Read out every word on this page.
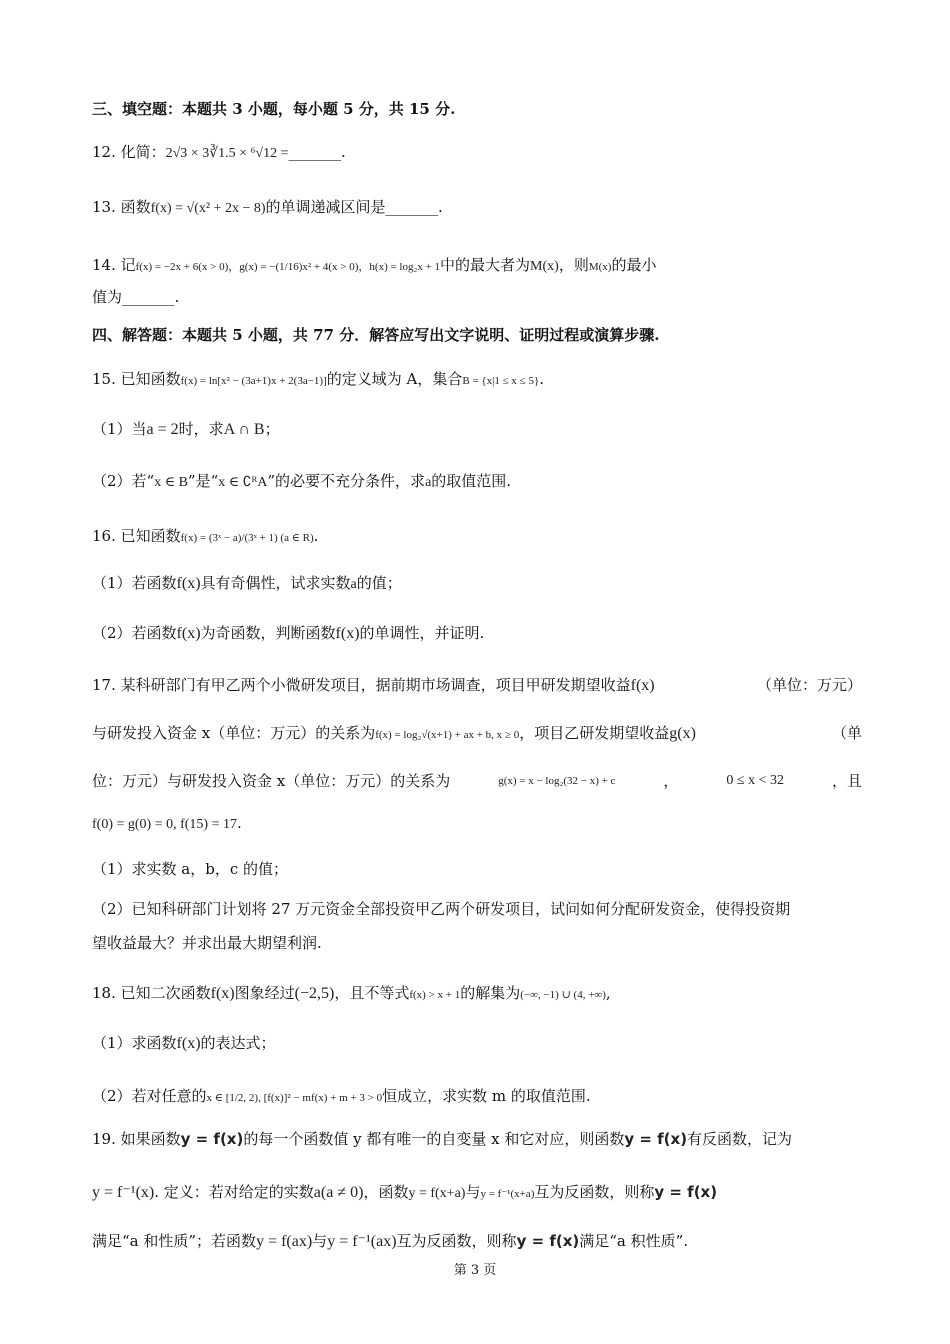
三、填空题：本题共 3 小题，每小题 5 分，共 15 分.
12. 化简：2√3 × 3∛1.5 × ⁶√12 =_______.
13. 函数f(x) = √(x² + 2x − 8)的单调递减区间是_______.
14. 记f(x) = −2x + 6(x > 0)，g(x) = −(1/16)x² + 4(x > 0)，h(x) = log₂x + 1中的最大者为M(x)，则M(x)的最小
值为_______.
四、解答题：本题共 5 小题，共 77 分．解答应写出文字说明、证明过程或演算步骤.
15. 已知函数f(x) = ln[x² − (3a+1)x + 2(3a−1)]的定义域为 A，集合B = {x|1 ≤ x ≤ 5}.
（1）当a = 2时，求A ∩ B；
（2）若“x ∈ B”是“x ∈ ∁ᴿA”的必要不充分条件，求a的取值范围.
16. 已知函数f(x) = (3ˣ − a)/(3ˣ + 1) (a ∈ R).
（1）若函数f(x)具有奇偶性，试求实数a的值；
（2）若函数f(x)为奇函数，判断函数f(x)的单调性，并证明.
17. 某科研部门有甲乙两个小微研发项目，据前期市场调查，项目甲研发期望收益f(x)	（单位：万元）
与研发投入资金 x（单位：万元）的关系为f(x) = log₂√(x+1) + ax + b, x ≥ 0，项目乙研发期望收益g(x)	（单
位：万元）与研发投入资金 x（单位：万元）的关系为	g(x) = x − log₂(32 − x) + c	，	0 ≤ x < 32	，且
f(0) = g(0) = 0, f(15) = 17.
（1）求实数 a，b，c 的值；
（2）已知科研部门计划将 27 万元资金全部投资甲乙两个研发项目，试问如何分配研发资金，使得投资期
望收益最大？并求出最大期望利润.
18. 已知二次函数f(x)图象经过(−2,5)，且不等式f(x) > x + 1的解集为(−∞, −1) ∪ (4, +∞),
（1）求函数f(x)的表达式；
（2）若对任意的x ∈ [1/2, 2), [f(x)]² − mf(x) + m + 3 > 0恒成立，求实数 m 的取值范围.
19. 如果函数y = f(x)的每一个函数值 y 都有唯一的自变量 x 和它对应，则函数y = f(x)有反函数，记为
y = f⁻¹(x). 定义：若对给定的实数a(a ≠ 0)，函数y = f(x+a)与y = f⁻¹(x+a)互为反函数，则称y = f(x)
满足“a 和性质”；若函数y = f(ax)与y = f⁻¹(ax)互为反函数，则称y = f(x)满足“a 积性质”.
第 3 页
